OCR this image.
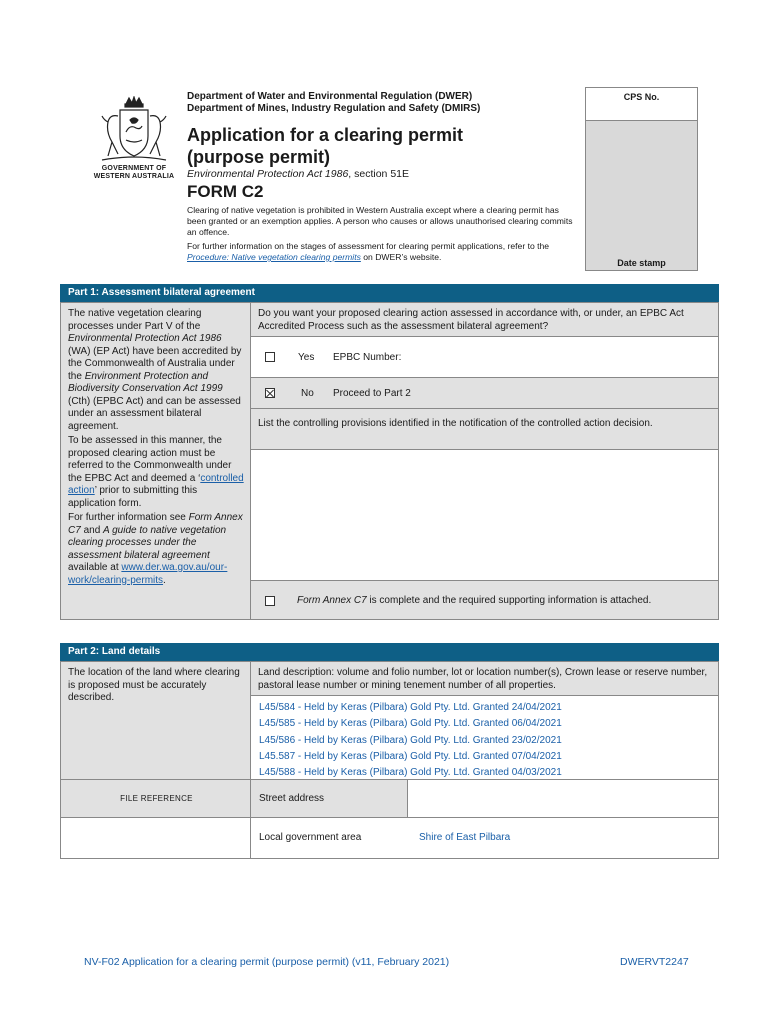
GOVERNMENT OF
WESTERN AUSTRALIA
Department of Water and Environmental Regulation (DWER)
Department of Mines, Industry Regulation and Safety (DMIRS)
Application for a clearing permit
(purpose permit)
Environmental Protection Act 1986, section 51E
FORM C2

Clearing of native vegetation is prohibited in Western Australia except where a clearing permit has been granted or an exemption applies. A person who causes or allows unauthorised clearing commits an offence.

For further information on the stages of assessment for clearing permit applications, refer to the Procedure: Native vegetation clearing permits on DWER’s website.

CPS No.
Date stamp
Part 1: Assessment bilateral agreement
The native vegetation clearing processes under Part V of the Environmental Protection Act 1986 (WA) (EP Act) have been accredited by the Commonwealth of Australia under the Environment Protection and Biodiversity Conservation Act 1999 (Cth) (EPBC Act) and can be assessed under an assessment bilateral agreement.
To be assessed in this manner, the proposed clearing action must be referred to the Commonwealth under the EPBC Act and deemed a ‘controlled action’ prior to submitting this application form.
For further information see Form Annex C7 and A guide to native vegetation clearing processes under the assessment bilateral agreement available at www.der.wa.gov.au/our-work/clearing-permits.
Do you want your proposed clearing action assessed in accordance with, or under, an EPBC Act Accredited Process such as the assessment bilateral agreement?
Yes EPBC Number:
No Proceed to Part 2
List the controlling provisions identified in the notification of the controlled action decision.
Form Annex C7 is complete and the required supporting information is attached.
Part 2: Land details
The location of the land where clearing is proposed must be accurately described.
Land description: volume and folio number, lot or location number(s), Crown lease or reserve number, pastoral lease number or mining tenement number of all properties.
L45/584 - Held by Keras (Pilbara) Gold Pty. Ltd. Granted 24/04/2021
L45/585 - Held by Keras (Pilbara) Gold Pty. Ltd. Granted 06/04/2021
L45/586 - Held by Keras (Pilbara) Gold Pty. Ltd. Granted 23/02/2021
L45.587 - Held by Keras (Pilbara) Gold Pty. Ltd. Granted 07/04/2021
L45/588 - Held by Keras (Pilbara) Gold Pty. Ltd. Granted 04/03/2021
FILE REFERENCE	Street address
Local government area	Shire of East Pilbara
NV-F02 Application for a clearing permit (purpose permit) (v11, February 2021)	DWERVT2247
